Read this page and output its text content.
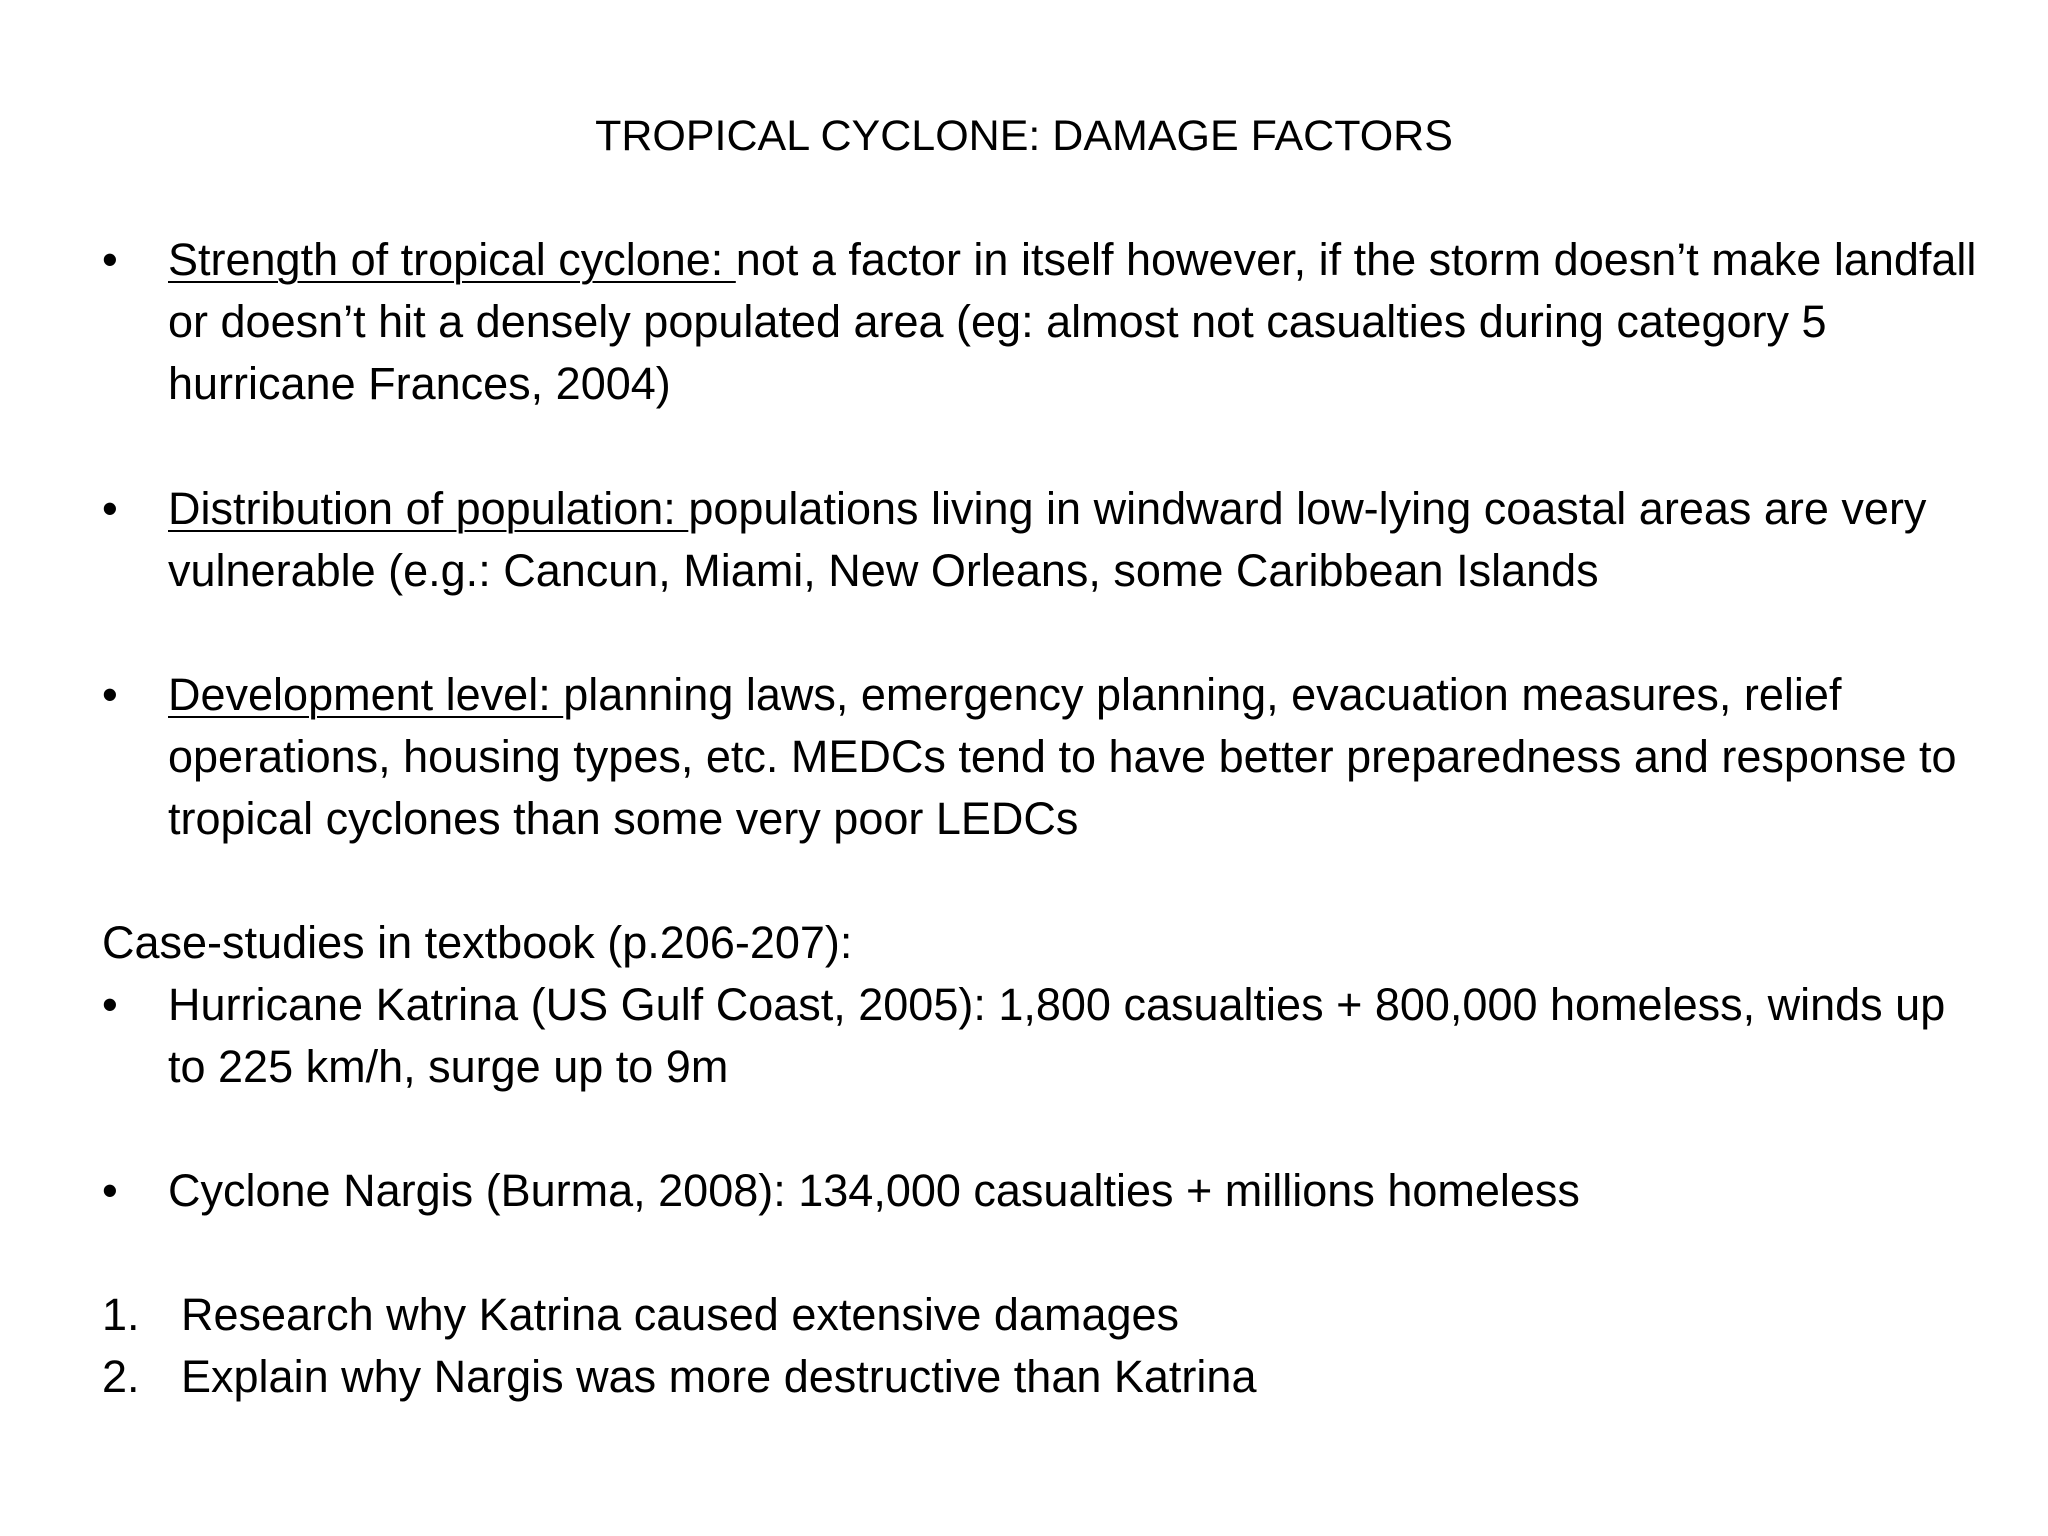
TROPICAL CYCLONE: DAMAGE FACTORS
•	Strength of tropical cyclone: not a factor in itself however, if the storm doesn’t make landfall or doesn’t hit a densely populated area (eg: almost not casualties during category 5 hurricane Frances, 2004)
•	Distribution of population: populations living in windward low-lying coastal areas are very vulnerable (e.g.: Cancun, Miami, New Orleans, some Caribbean Islands
•	Development level: planning laws, emergency planning, evacuation measures, relief operations, housing types, etc. MEDCs tend to have better preparedness and response to tropical cyclones than some very poor LEDCs
Case-studies in textbook (p.206-207):
•	Hurricane Katrina (US Gulf Coast, 2005): 1,800 casualties + 800,000 homeless, winds up to 225 km/h, surge up to 9m
•	Cyclone Nargis (Burma, 2008): 134,000 casualties + millions homeless
1. Research why Katrina caused extensive damages
2. Explain why Nargis was more destructive than Katrina
